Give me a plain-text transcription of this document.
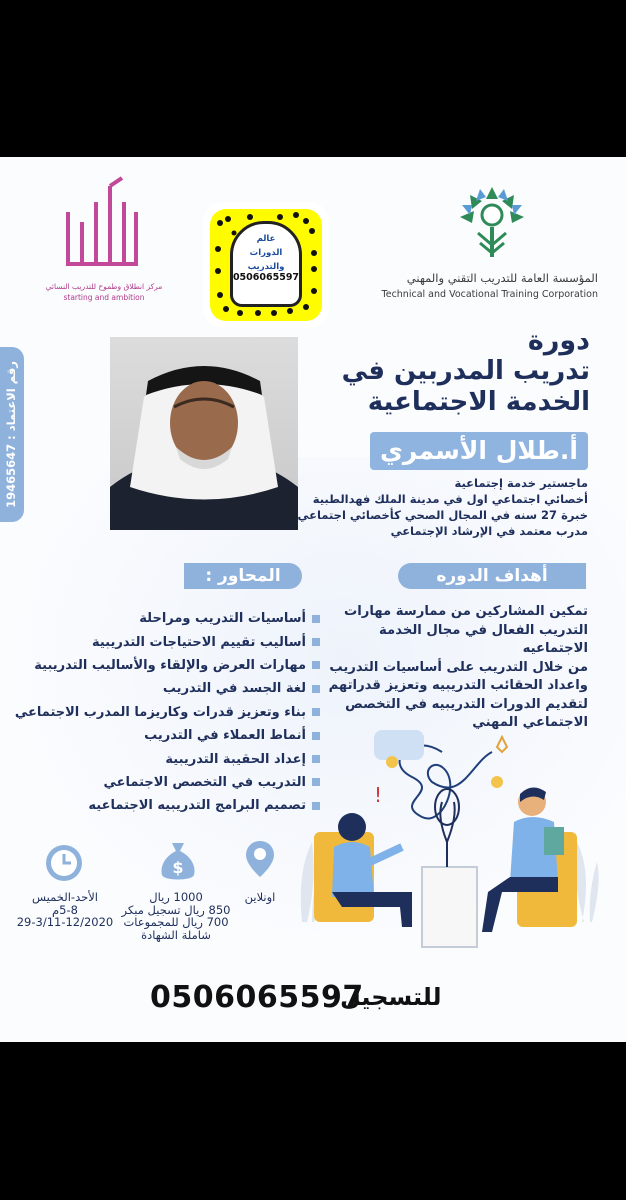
المؤسسة العامة للتدريب التقني والمهني
Technical and Vocational Training Corporation
عالم
الدورات
والتدريب
0506065597
مركز انطلاق وطموح للتدريب النسائي
starting and ambition
رقم الاعتماد : 19465647
دورة
تدريب المدربين في
الخدمة الاجتماعية
أ.طلال الأسمري
ماجستير خدمة إجتماعية
أخصائي اجتماعي اول في مدينة الملك فهدالطبية
خبرة 27 سنه في المجال الصحي كأخصائي اجتماعي
مدرب معتمد في الإرشاد الإجتماعي
أهداف الدوره
المحاور :
تمكين المشاركين من ممارسة مهارات
التدريب الفعال في مجال الخدمة الاجتماعيه
من خلال التدريب على أساسيات التدريب
واعداد الحقائب التدريبيه وتعزيز قدراتهم
لتقديم الدورات التدريبيه في التخصص
الاجتماعي المهني
أساسيات التدريب ومراحلة
أساليب تقييم الاحتياجات التدريبية
مهارات العرض والإلقاء والأساليب التدريبية
لغة الجسد في التدريب
بناء وتعزيز قدرات وكاريزما المدرب الاجتماعي
أنماط العملاء في التدريب
إعداد الحقيبة التدريبية
التدريب في التخصص الاجتماعي
تصميم البرامج التدريبيه الاجتماعيه	!
اونلاين
$
1000 ريال
850 ريال تسجيل مبكر
700 ريال للمجموعات
شاملة الشهادة
الأحد-الخميس
5-8م
29-3/11-12/2020
0506065597
للتسجيل
